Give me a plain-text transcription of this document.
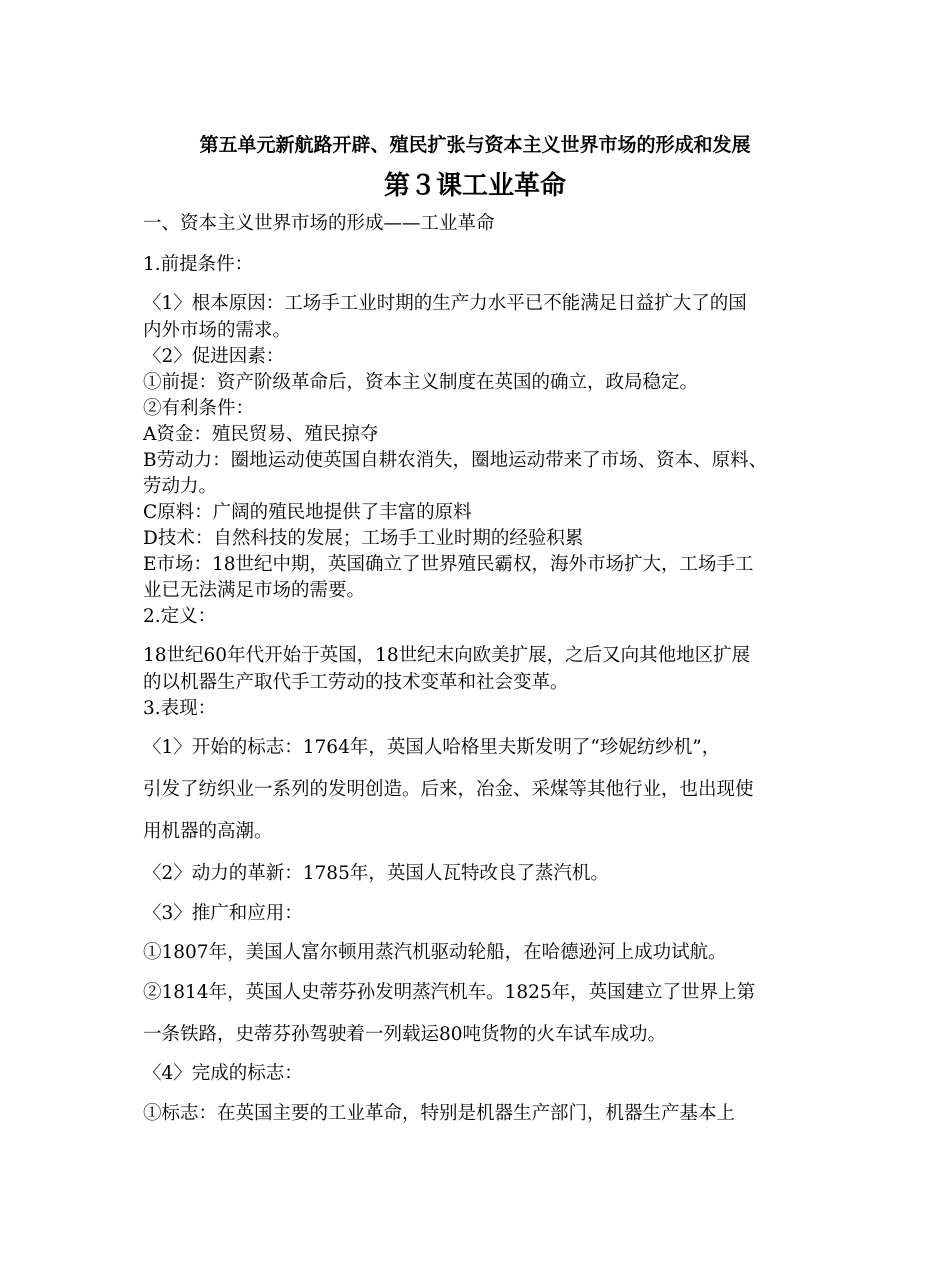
第五单元新航路开辟、殖民扩张与资本主义世界市场的形成和发展
第３课工业革命
一、资本主义世界市场的形成——工业革命
1.前提条件：
〈1〉根本原因：工场手工业时期的生产力水平已不能满足日益扩大了的国
内外市场的需求。
〈2〉促进因素：
①前提：资产阶级革命后，资本主义制度在英国的确立，政局稳定。
②有利条件：
A资金：殖民贸易、殖民掠夺
B劳动力：圈地运动使英国自耕农消失，圈地运动带来了市场、资本、原料、
劳动力。
C原料：广阔的殖民地提供了丰富的原料
D技术：自然科技的发展；工场手工业时期的经验积累
E市场：18世纪中期，英国确立了世界殖民霸权，海外市场扩大，工场手工
业已无法满足市场的需要。
2.定义：
18世纪60年代开始于英国，18世纪末向欧美扩展，之后又向其他地区扩展
的以机器生产取代手工劳动的技术变革和社会变革。
3.表现：
〈1〉开始的标志：1764年，英国人哈格里夫斯发明了“珍妮纺纱机”，
引发了纺织业一系列的发明创造。后来，冶金、采煤等其他行业，也出现使
用机器的高潮。
〈2〉动力的革新：1785年，英国人瓦特改良了蒸汽机。
〈3〉推广和应用：
①1807年，美国人富尔顿用蒸汽机驱动轮船，在哈德逊河上成功试航。
②1814年，英国人史蒂芬孙发明蒸汽机车。1825年，英国建立了世界上第
一条铁路，史蒂芬孙驾驶着一列载运80吨货物的火车试车成功。
〈4〉完成的标志：
①标志：在英国主要的工业革命，特别是机器生产部门，机器生产基本上
